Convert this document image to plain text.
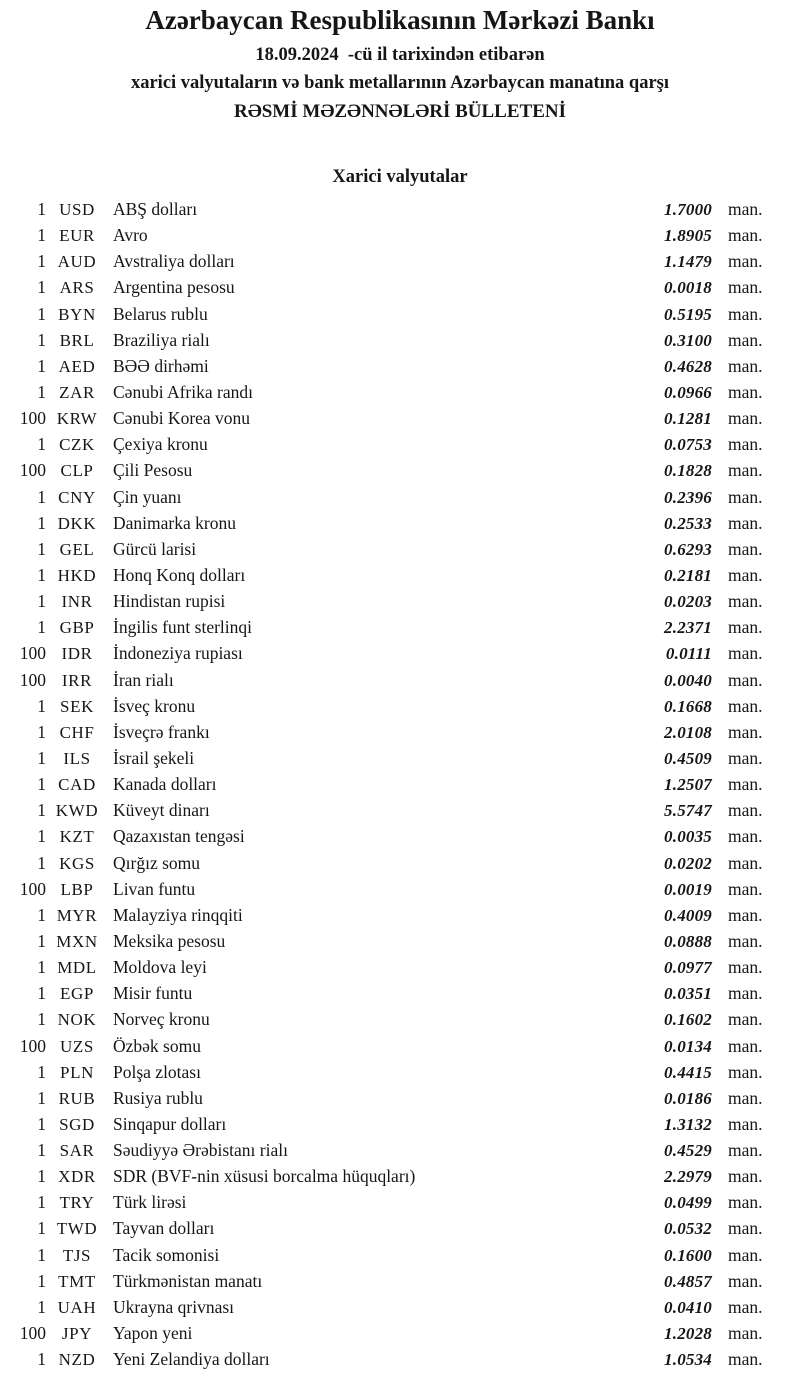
Azərbaycan Respublikasının Mərkəzi Bankı
18.09.2024  -cü il tarixindən etibarən
xarici valyutaların və bank metallarının Azərbaycan manatına qarşı
RƏSMİ MƏZƏNNƏLƏRİ BÜLLETENİ
Xarici valyutalar
1 USD	ABŞ dolları	1.7000 man.
1 EUR	Avro	1.8905 man.
1 AUD Avstraliya dolları	1.1479 man.
1 ARS	Argentina pesosu	0.0018 man.
1 BYN Belarus rublu	0.5195 man.
1 BRL	Braziliya rialı	0.3100 man.
1 AED	BƏƏ dirhəmi	0.4628 man.
1 ZAR	Cənubi Afrika randı	0.0966 man.
100 KRW Cənubi Korea vonu	0.1281 man.
1 CZK	Çexiya kronu	0.0753 man.
100 CLP	Çili Pesosu	0.1828 man.
1 CNY Çin yuanı	0.2396 man.
1 DKK Danimarka kronu	0.2533 man.
1 GEL	Gürcü larisi	0.6293 man.
1 HKD Honq Konq dolları	0.2181 man.
1 INR	Hindistan rupisi	0.0203 man.
1 GBP	İngilis funt sterlinqi	2.2371 man.
100 IDR	İndoneziya rupiası	0.0111 man.
100 IRR	İran rialı	0.0040 man.
1 SEK	İsveç kronu	0.1668 man.
1 CHF	İsveçrə frankı	2.0108 man.
1	ILS	İsrail şekeli	0.4509 man.
1 CAD Kanada dolları	1.2507 man.
1 KWD Küveyt dinarı	5.5747 man.
1 KZT	Qazaxıstan tengəsi	0.0035 man.
1 KGS	Qırğız somu	0.0202 man.
100 LBP	Livan funtu	0.0019 man.
1 MYR Malayziya rinqqiti	0.4009 man.
1 MXN Meksika pesosu	0.0888 man.
1 MDL Moldova leyi	0.0977 man.
1 EGP	Misir funtu	0.0351 man.
1 NOK Norveç kronu	0.1602 man.
100 UZS	Özbək somu	0.0134 man.
1 PLN	Polşa zlotası	0.4415 man.
1 RUB	Rusiya rublu	0.0186 man.
1 SGD	Sinqapur dolları	1.3132 man.
1 SAR	Səudiyyə Ərəbistanı rialı	0.4529 man.
1 XDR SDR (BVF-nin xüsusi borcalma hüquqları)	2.2979 man.
1 TRY	Türk lirəsi	0.0499 man.
1 TWD Tayvan dolları	0.0532 man.
1 TJS	Tacik somonisi	0.1600 man.
1 TMT Türkmənistan manatı	0.4857 man.
1 UAH Ukrayna qrivnası	0.0410 man.
100 JPY	Yapon yeni	1.2028 man.
1 NZD	Yeni Zelandiya dolları	1.0534 man.
